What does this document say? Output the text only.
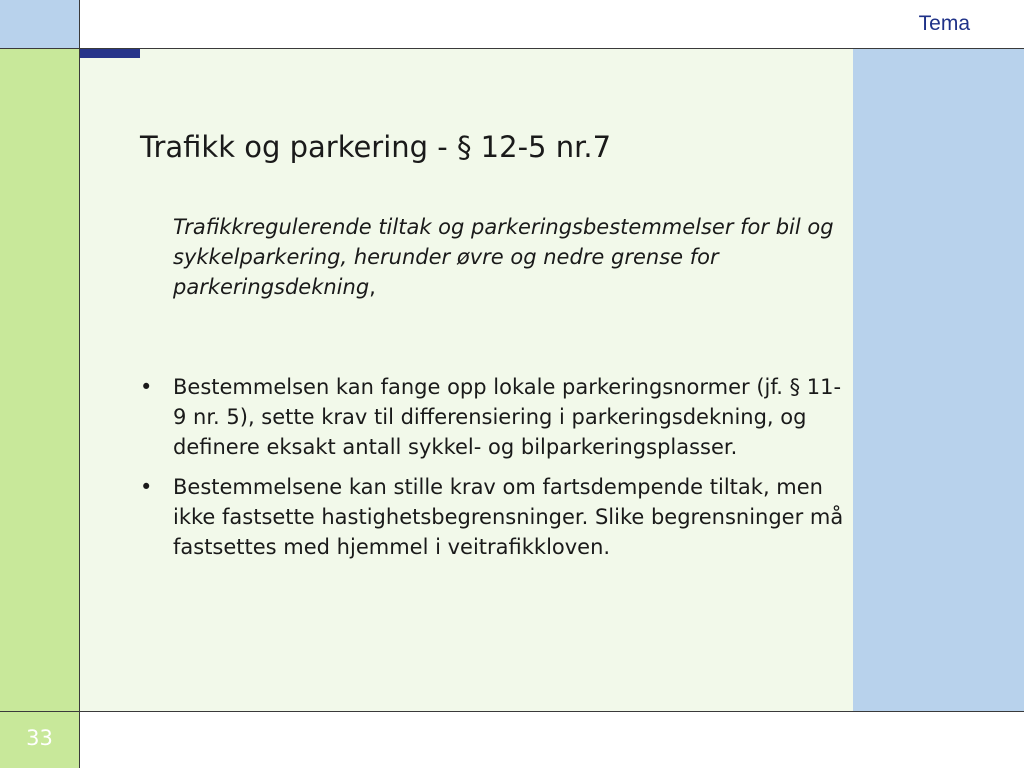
Tema
33
Trafikk og parkering - § 12-5 nr.7

Trafikkregulerende tiltak og parkeringsbestemmelser for bil og sykkelparkering, herunder øvre og nedre grense for parkeringsdekning,

• Bestemmelsen kan fange opp lokale parkeringsnormer (jf. § 11-9 nr. 5), sette krav til differensiering i parkeringsdekning, og definere eksakt antall sykkel- og bilparkeringsplasser.
• Bestemmelsene kan stille krav om fartsdempende tiltak, men ikke fastsette hastighetsbegrensninger. Slike begrensninger må fastsettes med hjemmel i veitrafikkloven.
